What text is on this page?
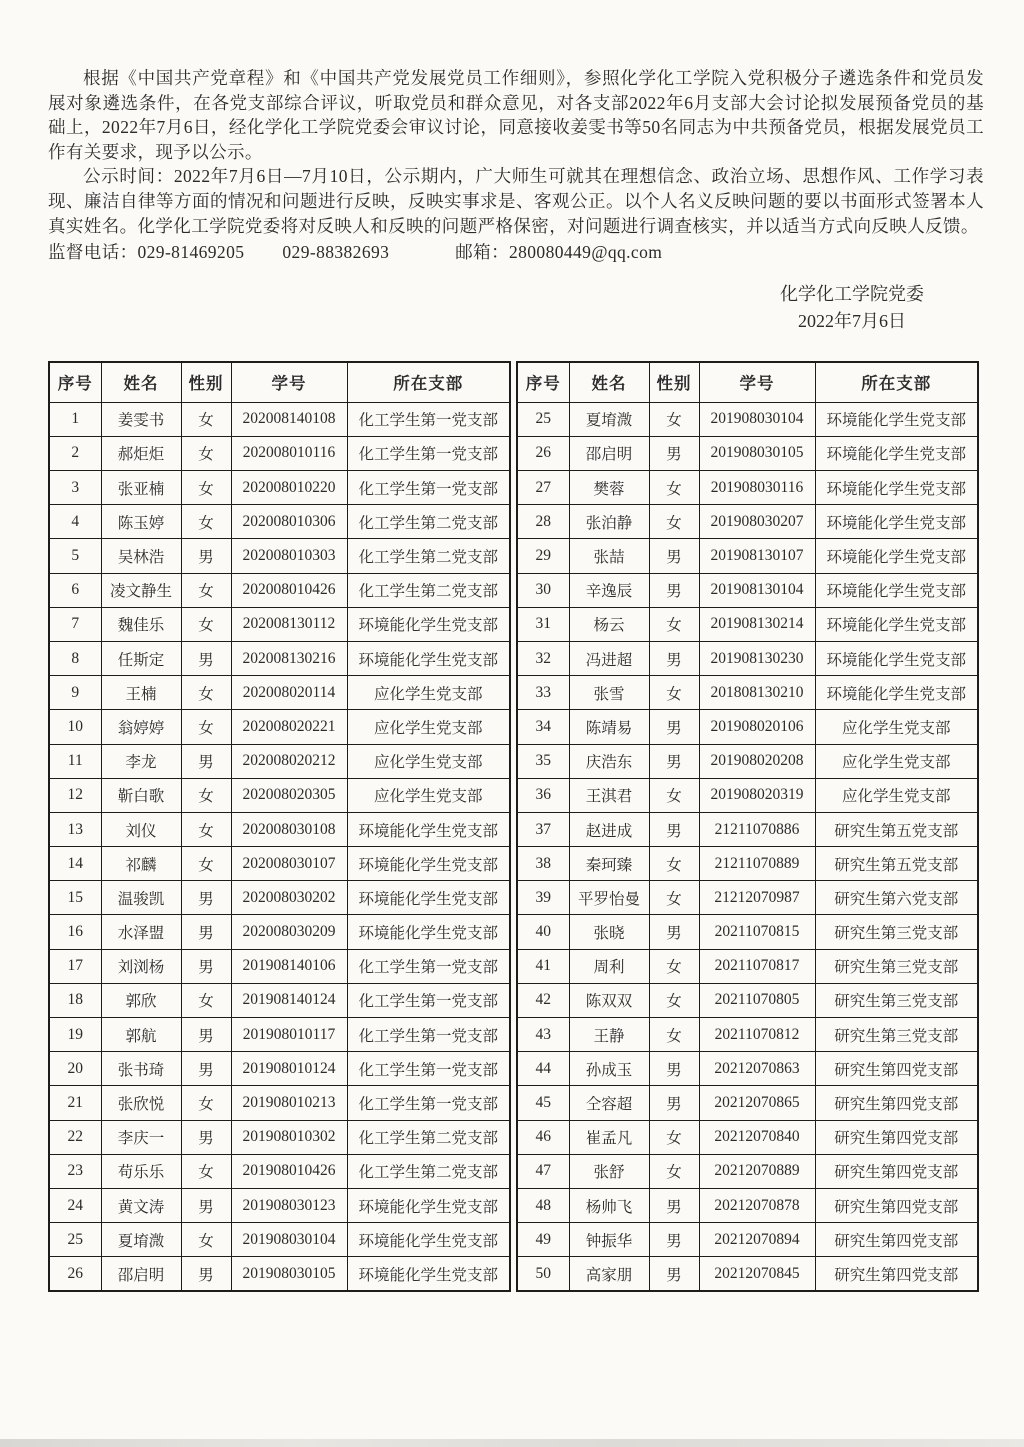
根据《中国共产党章程》和《中国共产党发展党员工作细则》，参照化学化工学院入党积极分子遴选条件和党员发展对象遴选条件，在各党支部综合评议，听取党员和群众意见，对各支部2022年6月支部大会讨论拟发展预备党员的基础上，2022年7月6日，经化学化工学院党委会审议讨论，同意接收姜雯书等50名同志为中共预备党员，根据发展党员工作有关要求，现予以公示。

公示时间：2022年7月6日—7月10日，公示期内，广大师生可就其在理想信念、政治立场、思想作风、工作学习表现、廉洁自律等方面的情况和问题进行反映，反映实事求是、客观公正。以个人名义反映问题的要以书面形式签署本人真实姓名。化学化工学院党委将对反映人和反映的问题严格保密，对问题进行调查核实，并以适当方式向反映人反馈。

监督电话：029-81469205 029-88382693	邮箱：280080449@qq.com

化学化工学院党委
2022年7月6日
序号	姓名	性别	学号	所在支部
1	姜雯书	女	202008140108	化工学生第一党支部
2	郝炬炬	女	202008010116	化工学生第一党支部
3	张亚楠	女	202008010220	化工学生第一党支部
4	陈玉婷	女	202008010306	化工学生第二党支部
5	吴林浩	男	202008010303	化工学生第二党支部
6	凌文静生	女	202008010426	化工学生第二党支部
7	魏佳乐	女	202008130112	环境能化学生党支部
8	任斯定	男	202008130216	环境能化学生党支部
9	王楠	女	202008020114	应化学生党支部
10	翁婷婷	女	202008020221	应化学生党支部
11	李龙	男	202008020212	应化学生党支部
12	靳白歌	女	202008020305	应化学生党支部
13	刘仪	女	202008030108	环境能化学生党支部
14	祁麟	女	202008030107	环境能化学生党支部
15	温骏凯	男	202008030202	环境能化学生党支部
16	水泽盟	男	202008030209	环境能化学生党支部
17	刘浏杨	男	201908140106	化工学生第一党支部
18	郭欣	女	201908140124	化工学生第一党支部
19	郭航	男	201908010117	化工学生第一党支部
20	张书琦	男	201908010124	化工学生第一党支部
21	张欣悦	女	201908010213	化工学生第一党支部
22	李庆一	男	201908010302	化工学生第二党支部
23	苟乐乐	女	201908010426	化工学生第二党支部
24	黄文涛	男	201908030123	环境能化学生党支部
25	夏堉溦	女	201908030104	环境能化学生党支部
26	邵启明	男	201908030105	环境能化学生党支部
序号	姓名	性别	学号	所在支部
25	夏堉溦	女	201908030104	环境能化学生党支部
26	邵启明	男	201908030105	环境能化学生党支部
27	樊蓉	女	201908030116	环境能化学生党支部
28	张泊静	女	201908030207	环境能化学生党支部
29	张喆	男	201908130107	环境能化学生党支部
30	辛逸辰	男	201908130104	环境能化学生党支部
31	杨云	女	201908130214	环境能化学生党支部
32	冯进超	男	201908130230	环境能化学生党支部
33	张雪	女	201808130210	环境能化学生党支部
34	陈靖易	男	201908020106	应化学生党支部
35	庆浩东	男	201908020208	应化学生党支部
36	王淇君	女	201908020319	应化学生党支部
37	赵进成	男	21211070886	研究生第五党支部
38	秦珂臻	女	21211070889	研究生第五党支部
39	平罗怡曼	女	21212070987	研究生第六党支部
40	张晓	男	20211070815	研究生第三党支部
41	周利	女	20211070817	研究生第三党支部
42	陈双双	女	20211070805	研究生第三党支部
43	王静	女	20211070812	研究生第三党支部
44	孙成玉	男	20212070863	研究生第四党支部
45	仝容超	男	20212070865	研究生第四党支部
46	崔孟凡	女	20212070840	研究生第四党支部
47	张舒	女	20212070889	研究生第四党支部
48	杨帅飞	男	20212070878	研究生第四党支部
49	钟振华	男	20212070894	研究生第四党支部
50	高家朋	男	20212070845	研究生第四党支部
